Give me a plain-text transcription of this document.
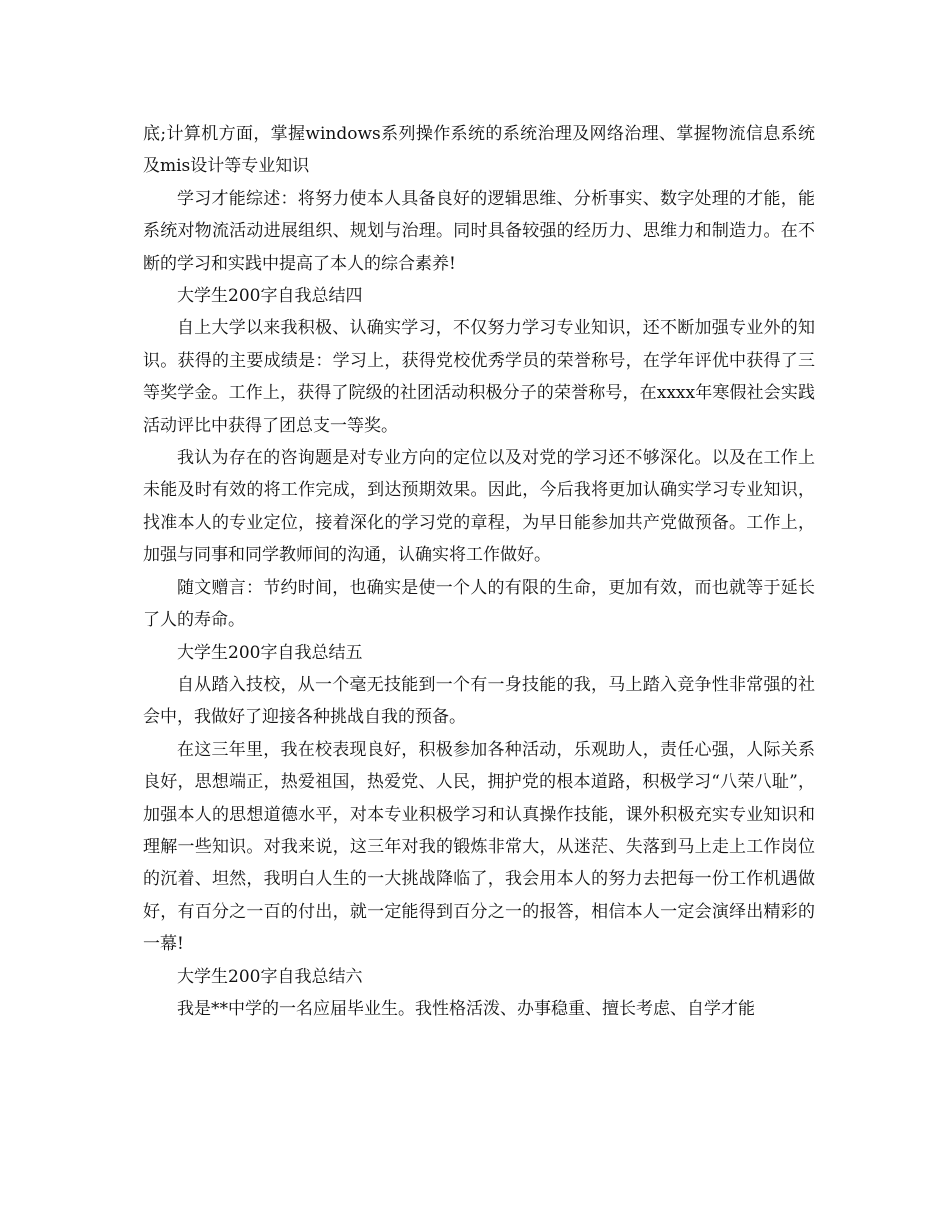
底;计算机方面，掌握windows系列操作系统的系统治理及网络治理、掌握物流信息系统及mis设计等专业知识

学习才能综述：将努力使本人具备良好的逻辑思维、分析事实、数字处理的才能，能系统对物流活动进展组织、规划与治理。同时具备较强的经历力、思维力和制造力。在不断的学习和实践中提高了本人的综合素养!

大学生200字自我总结四

自上大学以来我积极、认确实学习，不仅努力学习专业知识，还不断加强专业外的知识。获得的主要成绩是：学习上，获得党校优秀学员的荣誉称号，在学年评优中获得了三等奖学金。工作上，获得了院级的社团活动积极分子的荣誉称号，在xxxx年寒假社会实践活动评比中获得了团总支一等奖。

我认为存在的咨询题是对专业方向的定位以及对党的学习还不够深化。以及在工作上未能及时有效的将工作完成，到达预期效果。因此，今后我将更加认确实学习专业知识，找准本人的专业定位，接着深化的学习党的章程，为早日能参加共产党做预备。工作上，加强与同事和同学教师间的沟通，认确实将工作做好。

随文赠言：节约时间，也确实是使一个人的有限的生命，更加有效，而也就等于延长了人的寿命。

大学生200字自我总结五

自从踏入技校，从一个毫无技能到一个有一身技能的我，马上踏入竞争性非常强的社会中，我做好了迎接各种挑战自我的预备。

在这三年里，我在校表现良好，积极参加各种活动，乐观助人，责任心强，人际关系良好，思想端正，热爱祖国，热爱党、人民，拥护党的根本道路，积极学习“八荣八耻”，加强本人的思想道德水平，对本专业积极学习和认真操作技能，课外积极充实专业知识和理解一些知识。对我来说，这三年对我的锻炼非常大，从迷茫、失落到马上走上工作岗位的沉着、坦然，我明白人生的一大挑战降临了，我会用本人的努力去把每一份工作机遇做好，有百分之一百的付出，就一定能得到百分之一的报答，相信本人一定会演绎出精彩的一幕!

大学生200字自我总结六

我是**中学的一名应届毕业生。我性格活泼、办事稳重、擅长考虑、自学才能
